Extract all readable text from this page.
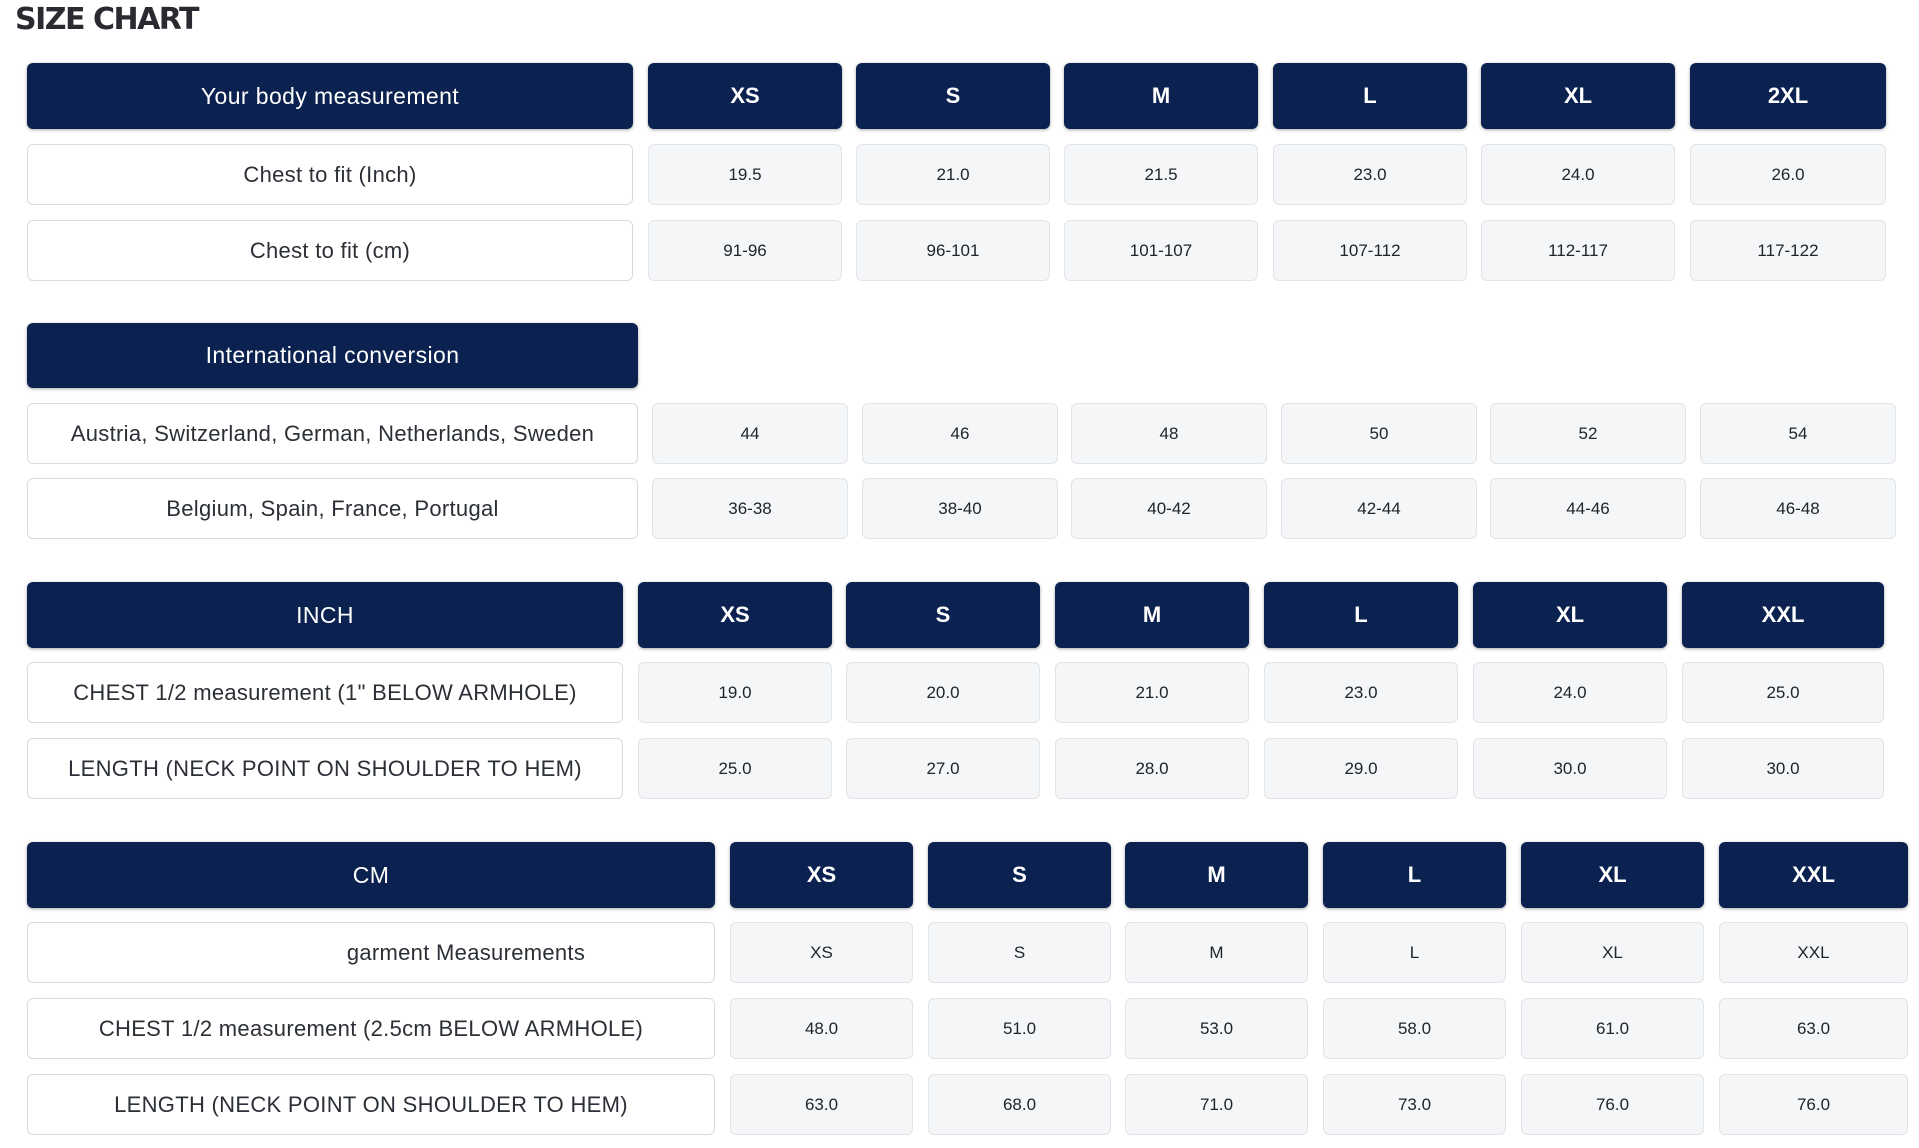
SIZE CHART
Your body measurement	XS	S	M	L	XL	2XL
Chest to fit (Inch)	19.5	21.0	21.5	23.0	24.0	26.0
Chest to fit (cm)	91-96	96-101	101-107	107-112	112-117	117-122
International conversion
Austria, Switzerland, German, Netherlands, Sweden	44	46	48	50	52	54
Belgium, Spain, France, Portugal	36-38	38-40	40-42	42-44	44-46	46-48
INCH	XS	S	M	L	XL	XXL
CHEST 1/2 measurement (1" BELOW ARMHOLE)	19.0	20.0	21.0	23.0	24.0	25.0
LENGTH (NECK POINT ON SHOULDER TO HEM)	25.0	27.0	28.0	29.0	30.0	30.0
CM	XS	S	M	L	XL	XXL
garment Measurements	XS	S	M	L	XL	XXL
CHEST 1/2 measurement (2.5cm BELOW ARMHOLE)	48.0	51.0	53.0	58.0	61.0	63.0
LENGTH (NECK POINT ON SHOULDER TO HEM)	63.0	68.0	71.0	73.0	76.0	76.0
